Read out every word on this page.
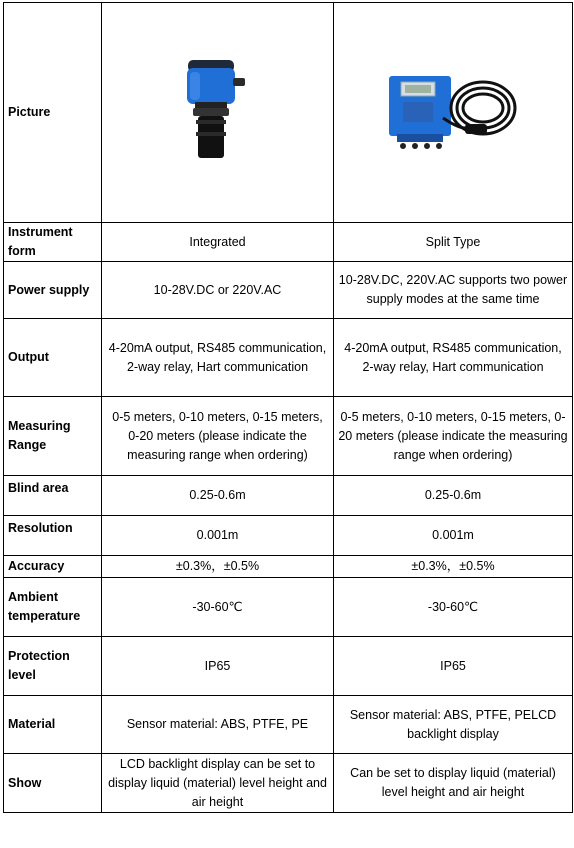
Picture	

Instrument form	Integrated	Split Type
Power supply	10-28V.DC or 220V.AC	10-28V.DC, 220V.AC supports two power supply modes at the same time
Output	4-20mA output, RS485 communication, 2-way relay, Hart communication	4-20mA output, RS485 communication, 2-way relay, Hart communication
Measuring Range	0-5 meters, 0-10 meters, 0-15 meters, 0-20 meters (please indicate the measuring range when ordering)	0-5 meters, 0-10 meters, 0-15 meters, 0-20 meters (please indicate the measuring range when ordering)
Blind area	0.25-0.6m	0.25-0.6m
Resolution	0.001m	0.001m
Accuracy	±0.3%，±0.5%	±0.3%，±0.5%
Ambient temperature	-30-60℃	-30-60℃
Protection level	IP65	IP65
Material	Sensor material: ABS, PTFE, PE	Sensor material: ABS, PTFE, PELCD backlight display
Show	LCD backlight display can be set to display liquid (material) level height and air height	Can be set to display liquid (material) level height and air height
